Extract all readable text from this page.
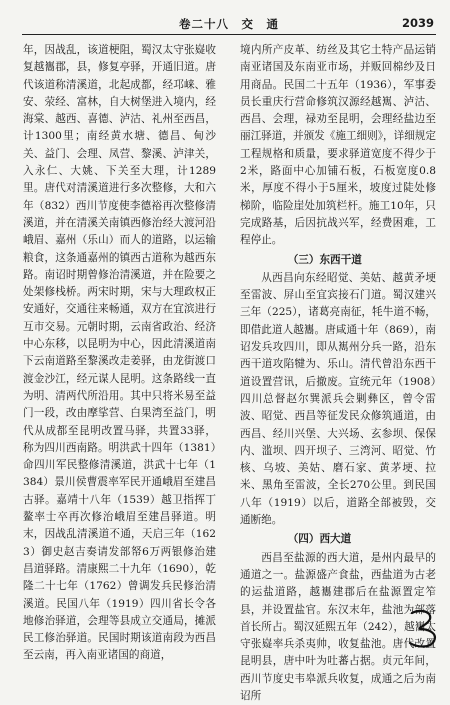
卷二十八　交　通	2039

年，因战乱，该道梗阻，蜀汉太守张嶷收复越巂郡，县，修复亭驿，开通旧道。唐代该道称清溪道，北起成都，经邛崃、雅安、荥经、富林，自大树堡进入境内，经海棠、越西、喜德、泸沽、礼州至西昌，计1300里；南经黄水塘、德昌、甸沙关、益门、会理、凤营、黎溪、泸津关，入永仁、大姚、下关至大理，计1289里。唐代对清溪道进行多次整修，大和六年（832）西川节度使李德裕再次整修清溪道，并在清溪关南镇西修治经大渡河沿峨眉、嘉州（乐山）而人的道路，以运输粮食，这条通嘉州的镇西古道称为越西东路。南诏时期曾修治清溪道，并在险要之处架修栈桥。两宋时期，宋与大理政权正安通好，交通往来畅通，双方在宜滨进行互市交易。元朝时期，云南省政治、经济中心东移，以昆明为中心，因此清溪道南下云南道路至黎溪改走姜驿，由龙街渡口渡金沙江，经元谋人昆明。这条路线一直为明、清两代所沿用。其中只将米易至益门一段，改由摩挲营、白果湾至益门，明代从成都至昆明改置马驿，共置33驿，称为四川西南路。明洪武十四年（1381）命四川军民整修清溪道，洪武十七年（1384）景川侯曹震率军民开通峨眉至建昌古驿。嘉靖十八年（1539）越卫指挥丁鳌率士卒再次修治峨眉至建昌驿道。明末，因战乱清溪道不通，天启三年（1623）御史赵吉奏请发部帑6万两银修治建昌道驿路。清康熙二十九年（1690），乾隆二十七年（1762）曾调发兵民修治清溪道。民国八年（1919）四川省长令各地修治驿道，会理等县成立交通局，摊派民工修治驿道。民国时期该道南段为西昌至云南，再入南亚诸国的商道，

境内所产皮革、纺丝及其它土特产品运销南亚诸国及东南亚市场，并贩回棉纱及日用商品。民国二十五年（1936），军事委员长重庆行营命修筑汉源经越嶲、泸沽、西昌、会理，禄劝至昆明，会理经盐边至丽江驿道，并颁发《施工细则》，详细规定工程规格和质量，要求驿道宽度不得少于2米，路面中心加铺石板，石板宽度0.8米，厚度不得小于5厘米，坡度过陡处修梯阶，临险崖处加筑栏杆。施工10年，只完成路基，后因抗战兴军，经费困难，工程停止。

（三）东西干道

从西昌向东经昭觉、美姑、越黄矛埂至雷波、屏山至宜宾接石门道。蜀汉建兴三年（225），诸葛亮南征，牦牛道不畅，即借此道人越巂。唐咸通十年（869），南诏发兵攻四川，即从嶲州分兵一路，沿东西干道攻陷犍为、乐山。清代曾沿东西干道设置营讯，后撤废。宣统元年（1908）四川总督赵尔巽派兵会剿彝区，曾令雷波、昭觉、西昌等征发民众修筑通道，由西昌、经川兴堡、大兴场、玄参坝、保保内、滥坝、四开坝子、三湾河、昭觉、竹核、乌坡、美姑、磨石家、黄茅埂、拉米、黑角至雷波，全长270公里。到民国八年（1919）以后，道路全部被毁，交通断绝。

（四）西大道

西昌至盐源的西大道，是州内最早的通道之一。盐源盛产食盐，西盐道为古老的运盐道路，越巂建郡后在盐源置定笮县，并设置盐官。东汉末年，盐池为部落首长所占。蜀汉延熙五年（242），越巂太守张嶷率兵杀夷帅，收复盐池。唐代改置昆明县，唐中叶为吐蕃占据。贞元年间，西川节度史韦皋派兵收复，成通之后为南诏所
